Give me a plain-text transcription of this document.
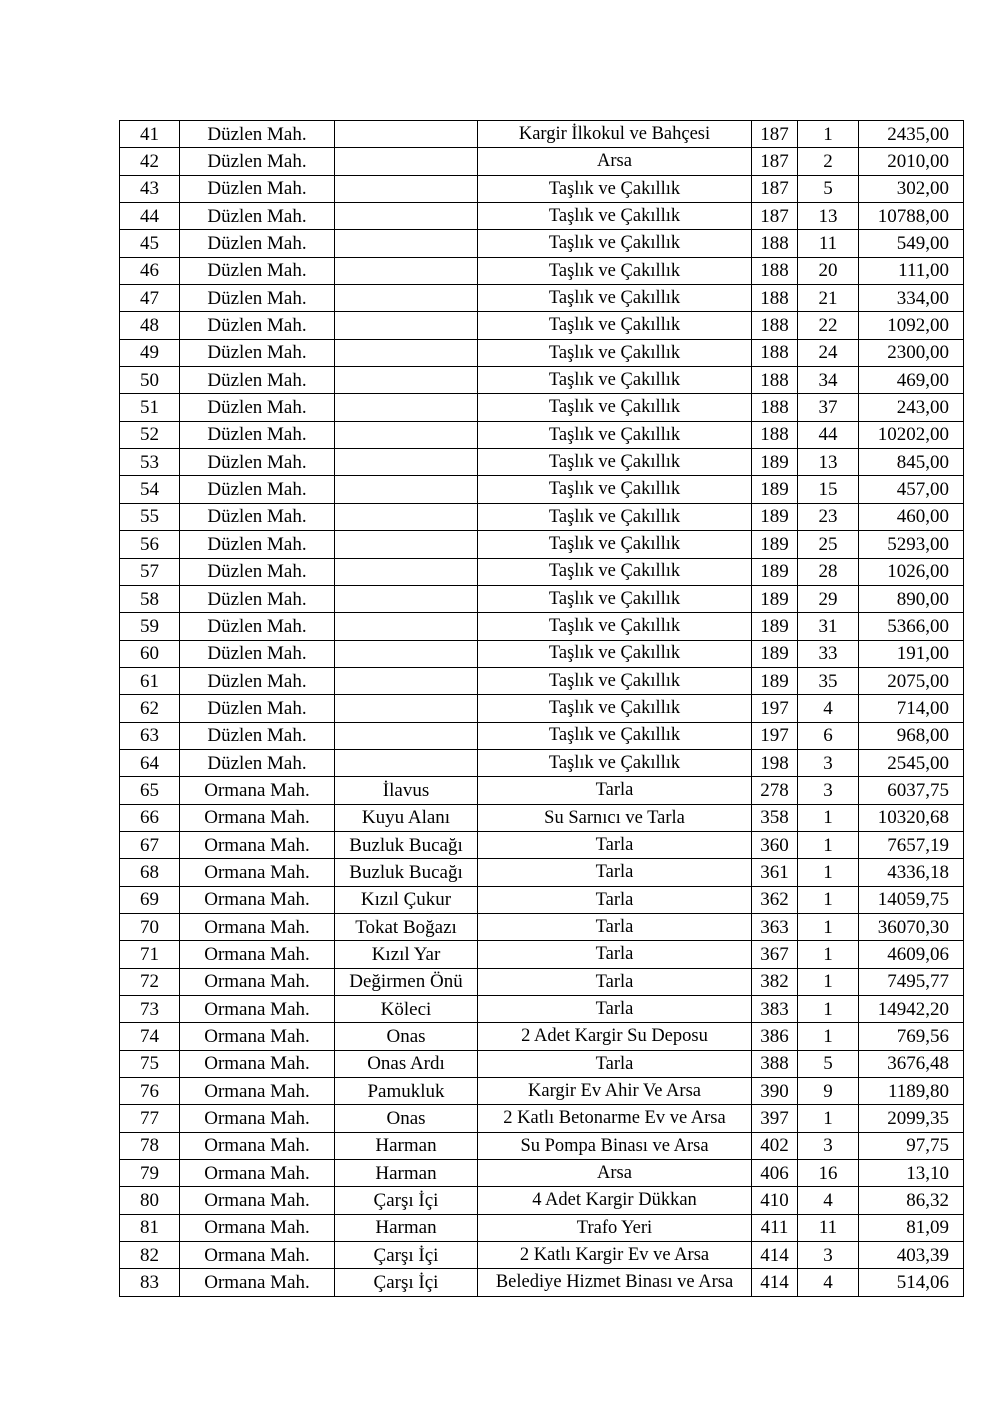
41	Düzlen Mah.		Kargir İlkokul ve Bahçesi	187	1	2435,00
42	Düzlen Mah.		Arsa	187	2	2010,00
43	Düzlen Mah.		Taşlık ve Çakıllık	187	5	302,00
44	Düzlen Mah.		Taşlık ve Çakıllık	187	13	10788,00
45	Düzlen Mah.		Taşlık ve Çakıllık	188	11	549,00
46	Düzlen Mah.		Taşlık ve Çakıllık	188	20	111,00
47	Düzlen Mah.		Taşlık ve Çakıllık	188	21	334,00
48	Düzlen Mah.		Taşlık ve Çakıllık	188	22	1092,00
49	Düzlen Mah.		Taşlık ve Çakıllık	188	24	2300,00
50	Düzlen Mah.		Taşlık ve Çakıllık	188	34	469,00
51	Düzlen Mah.		Taşlık ve Çakıllık	188	37	243,00
52	Düzlen Mah.		Taşlık ve Çakıllık	188	44	10202,00
53	Düzlen Mah.		Taşlık ve Çakıllık	189	13	845,00
54	Düzlen Mah.		Taşlık ve Çakıllık	189	15	457,00
55	Düzlen Mah.		Taşlık ve Çakıllık	189	23	460,00
56	Düzlen Mah.		Taşlık ve Çakıllık	189	25	5293,00
57	Düzlen Mah.		Taşlık ve Çakıllık	189	28	1026,00
58	Düzlen Mah.		Taşlık ve Çakıllık	189	29	890,00
59	Düzlen Mah.		Taşlık ve Çakıllık	189	31	5366,00
60	Düzlen Mah.		Taşlık ve Çakıllık	189	33	191,00
61	Düzlen Mah.		Taşlık ve Çakıllık	189	35	2075,00
62	Düzlen Mah.		Taşlık ve Çakıllık	197	4	714,00
63	Düzlen Mah.		Taşlık ve Çakıllık	197	6	968,00
64	Düzlen Mah.		Taşlık ve Çakıllık	198	3	2545,00
65	Ormana Mah.	İlavus	Tarla	278	3	6037,75
66	Ormana Mah.	Kuyu Alanı	Su Sarnıcı ve Tarla	358	1	10320,68
67	Ormana Mah.	Buzluk Bucağı	Tarla	360	1	7657,19
68	Ormana Mah.	Buzluk Bucağı	Tarla	361	1	4336,18
69	Ormana Mah.	Kızıl Çukur	Tarla	362	1	14059,75
70	Ormana Mah.	Tokat Boğazı	Tarla	363	1	36070,30
71	Ormana Mah.	Kızıl Yar	Tarla	367	1	4609,06
72	Ormana Mah.	Değirmen Önü	Tarla	382	1	7495,77
73	Ormana Mah.	Köleci	Tarla	383	1	14942,20
74	Ormana Mah.	Onas	2 Adet Kargir Su Deposu	386	1	769,56
75	Ormana Mah.	Onas Ardı	Tarla	388	5	3676,48
76	Ormana Mah.	Pamukluk	Kargir Ev Ahir Ve Arsa	390	9	1189,80
77	Ormana Mah.	Onas	2 Katlı Betonarme Ev ve Arsa	397	1	2099,35
78	Ormana Mah.	Harman	Su Pompa Binası ve Arsa	402	3	97,75
79	Ormana Mah.	Harman	Arsa	406	16	13,10
80	Ormana Mah.	Çarşı İçi	4 Adet Kargir Dükkan	410	4	86,32
81	Ormana Mah.	Harman	Trafo Yeri	411	11	81,09
82	Ormana Mah.	Çarşı İçi	2 Katlı Kargir Ev ve Arsa	414	3	403,39
83	Ormana Mah.	Çarşı İçi	Belediye Hizmet Binası ve Arsa	414	4	514,06
